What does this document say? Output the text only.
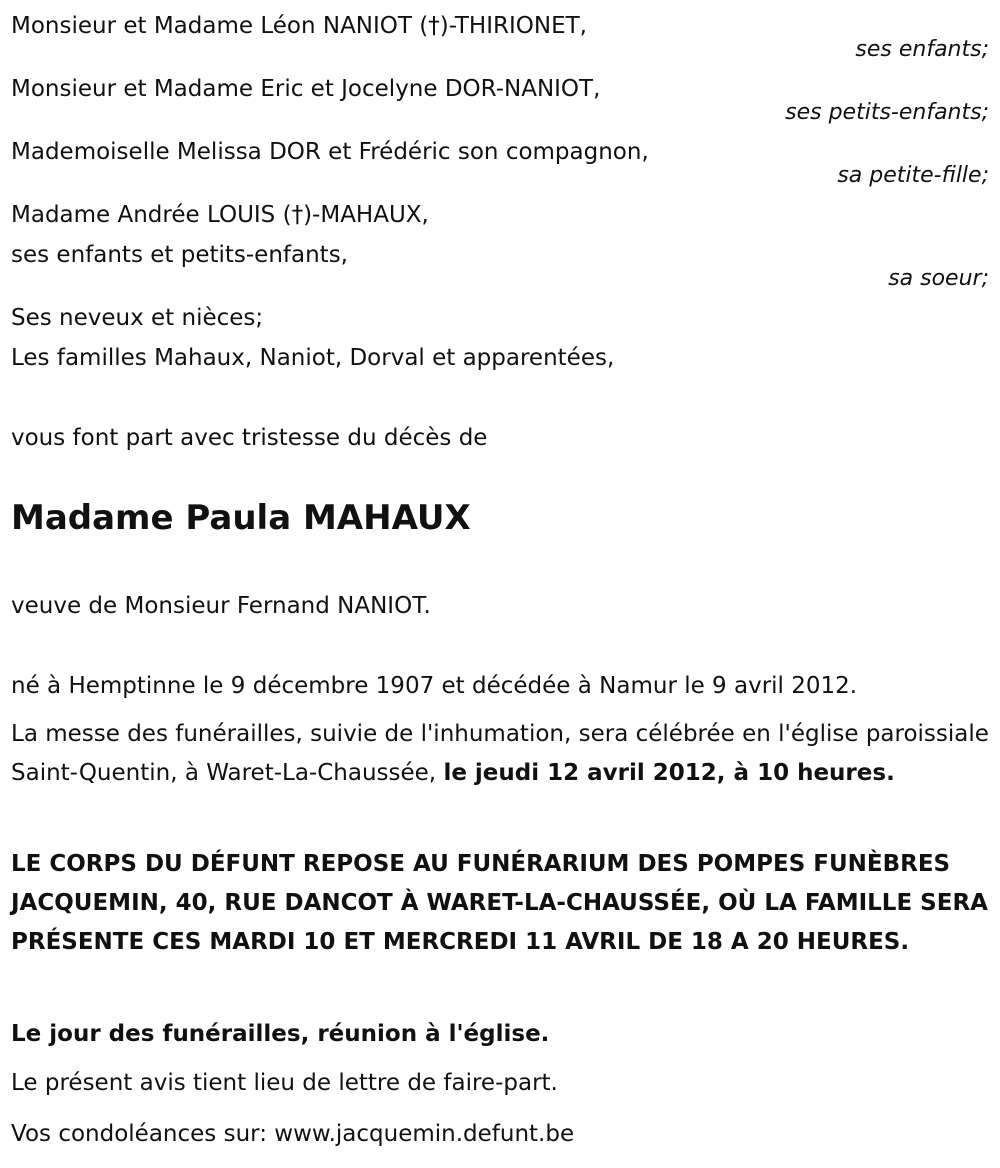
Monsieur et Madame Léon NANIOT (†)-THIRIONET,
ses enfants;
Monsieur et Madame Eric et Jocelyne DOR-NANIOT,
ses petits-enfants;
Mademoiselle Melissa DOR et Frédéric son compagnon,
sa petite-fille;
Madame Andrée LOUIS (†)-MAHAUX,
ses enfants et petits-enfants,
sa soeur;
Ses neveux et nièces;
Les familles Mahaux, Naniot, Dorval et apparentées,
vous font part avec tristesse du décès de
Madame Paula MAHAUX
veuve de Monsieur Fernand NANIOT.
né à Hemptinne le 9 décembre 1907 et décédée à Namur le 9 avril 2012.
La messe des funérailles, suivie de l'inhumation, sera célébrée en l'église paroissiale Saint-Quentin, à Waret-La-Chaussée, le jeudi 12 avril 2012, à 10 heures.
LE CORPS DU DÉFUNT REPOSE AU FUNÉRARIUM DES POMPES FUNÈBRES JACQUEMIN, 40, RUE DANCOT À WARET-LA-CHAUSSÉE, OÙ LA FAMILLE SERA PRÉSENTE CES MARDI 10 ET MERCREDI 11 AVRIL DE 18 A 20 HEURES.
Le jour des funérailles, réunion à l'église.
Le présent avis tient lieu de lettre de faire-part.
Vos condoléances sur: www.jacquemin.defunt.be
